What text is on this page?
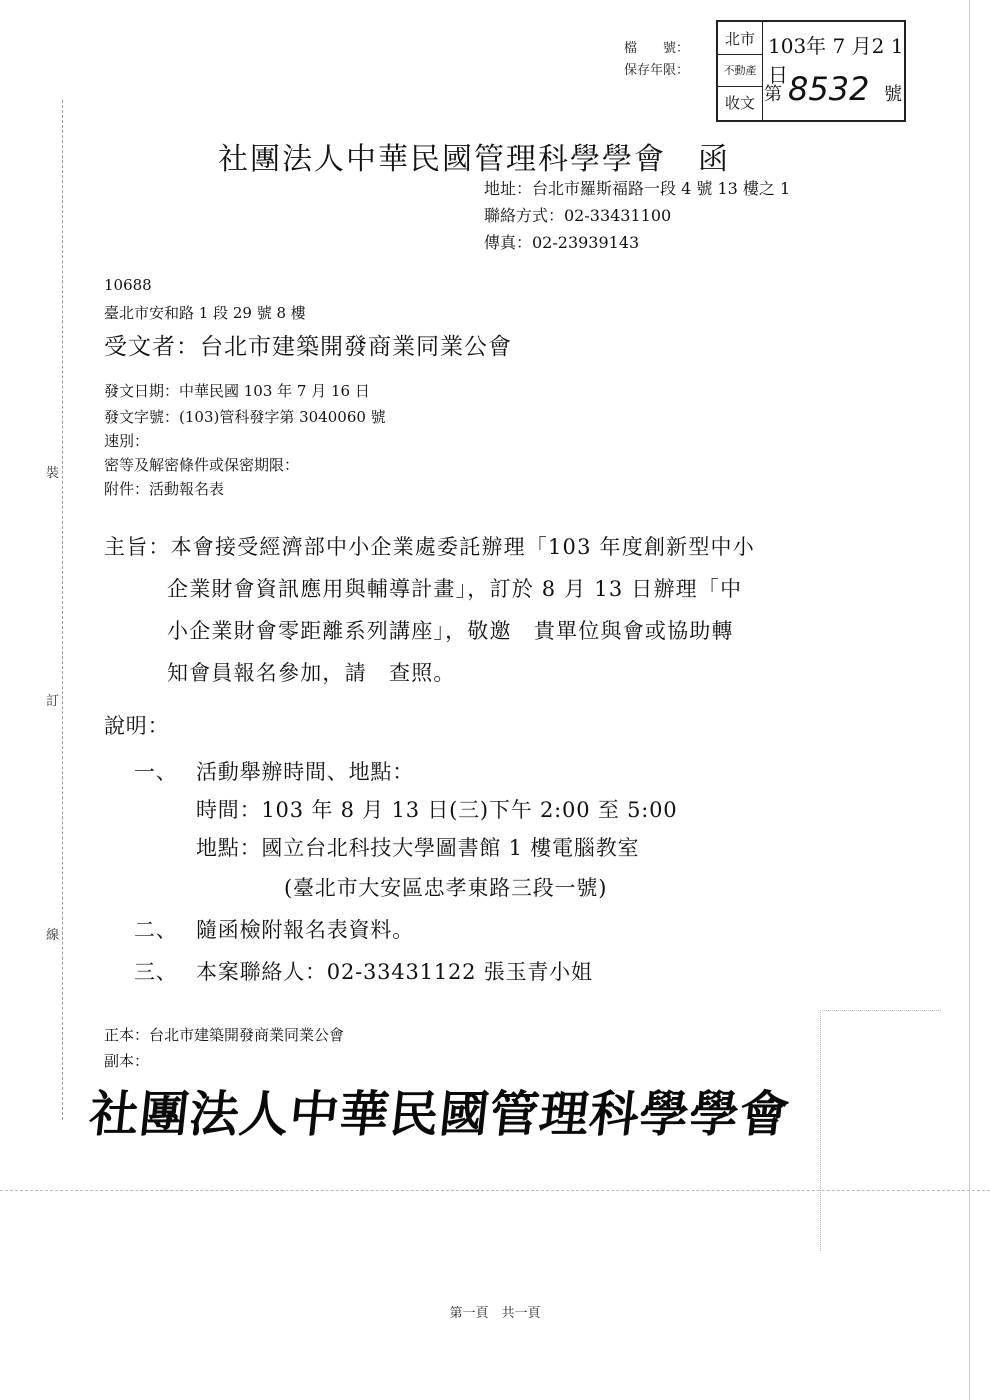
裝
訂
線
檔　　號：
保存年限：
北市
不動產
收文
103年 7 月2 1日
第 8532 號
社團法人中華民國管理科學學會　函
地址：台北市羅斯福路一段 4 號 13 樓之 1
聯絡方式：02-33431100
傳真：02-23939143
10688
臺北市安和路 1 段 29 號 8 樓
受文者：台北市建築開發商業同業公會
發文日期：中華民國 103 年 7 月 16 日
發文字號：(103)管科發字第 3040060 號
速別：
密等及解密條件或保密期限：
附件：活動報名表
主旨：本會接受經濟部中小企業處委託辦理「103 年度創新型中小
企業財會資訊應用與輔導計畫」，訂於 8 月 13 日辦理「中
小企業財會零距離系列講座」，敬邀　貴單位與會或協助轉
知會員報名參加，請　查照。
說明：
一、 活動舉辦時間、地點：
時間：103 年 8 月 13 日(三)下午 2:00 至 5:00
地點：國立台北科技大學圖書館 1 樓電腦教室
(臺北市大安區忠孝東路三段一號)
二、 隨函檢附報名表資料。
三、 本案聯絡人：02-33431122 張玉青小姐
正本：台北市建築開發商業同業公會
副本：
社團法人中華民國管理科學學會
第一頁　共一頁
